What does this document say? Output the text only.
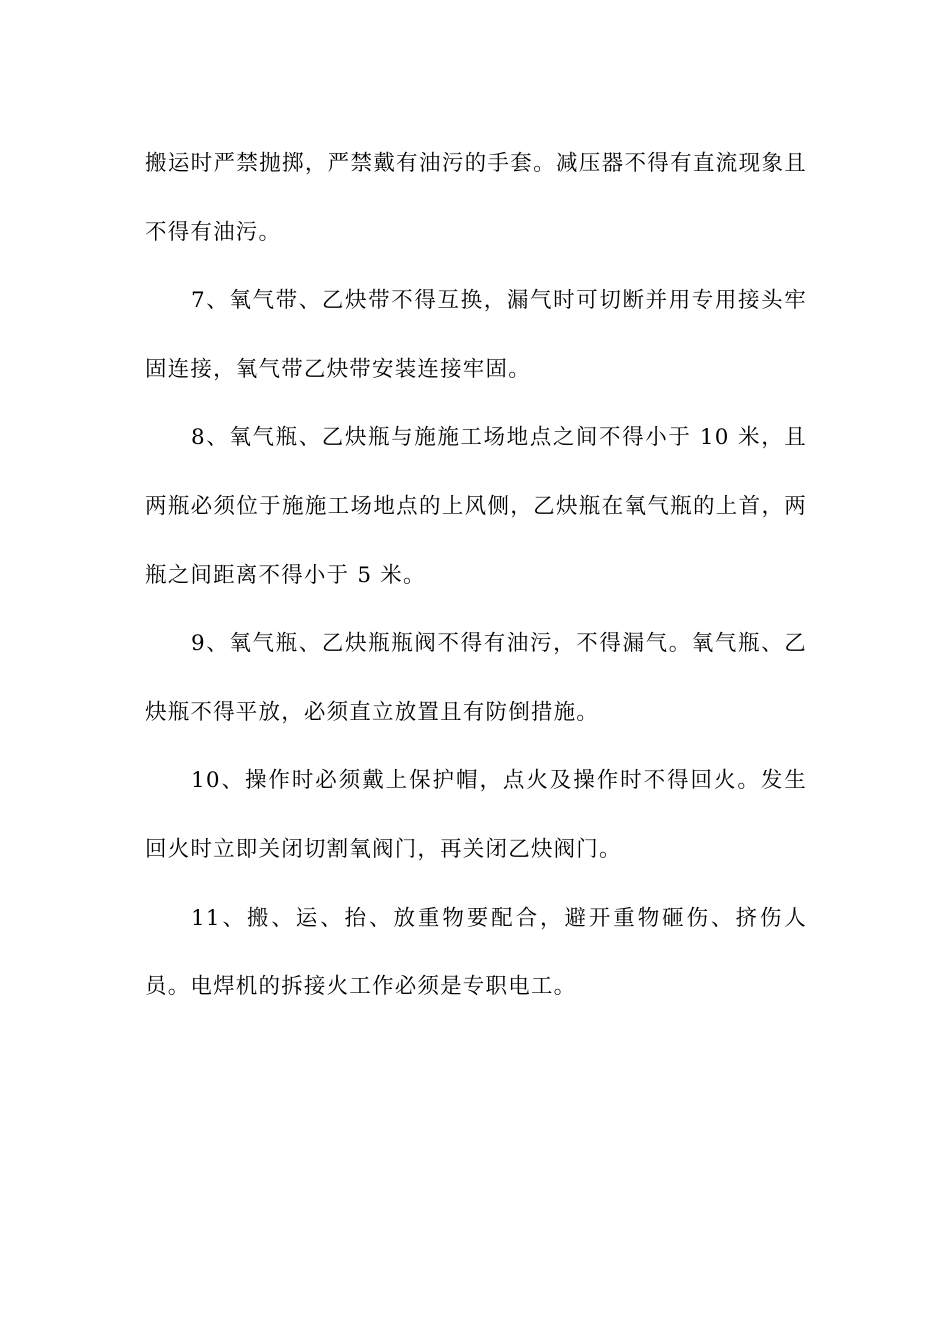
搬运时严禁抛掷，严禁戴有油污的手套。减压器不得有直流现象且不得有油污。

7、氧气带、乙炔带不得互换，漏气时可切断并用专用接头牢固连接，氧气带乙炔带安装连接牢固。

8、氧气瓶、乙炔瓶与施施工场地点之间不得小于 10 米，且两瓶必须位于施施工场地点的上风侧，乙炔瓶在氧气瓶的上首，两瓶之间距离不得小于 5 米。

9、氧气瓶、乙炔瓶瓶阀不得有油污，不得漏气。氧气瓶、乙炔瓶不得平放，必须直立放置且有防倒措施。

10、操作时必须戴上保护帽，点火及操作时不得回火。发生回火时立即关闭切割氧阀门，再关闭乙炔阀门。

11、搬、运、抬、放重物要配合，避开重物砸伤、挤伤人员。电焊机的拆接火工作必须是专职电工。
